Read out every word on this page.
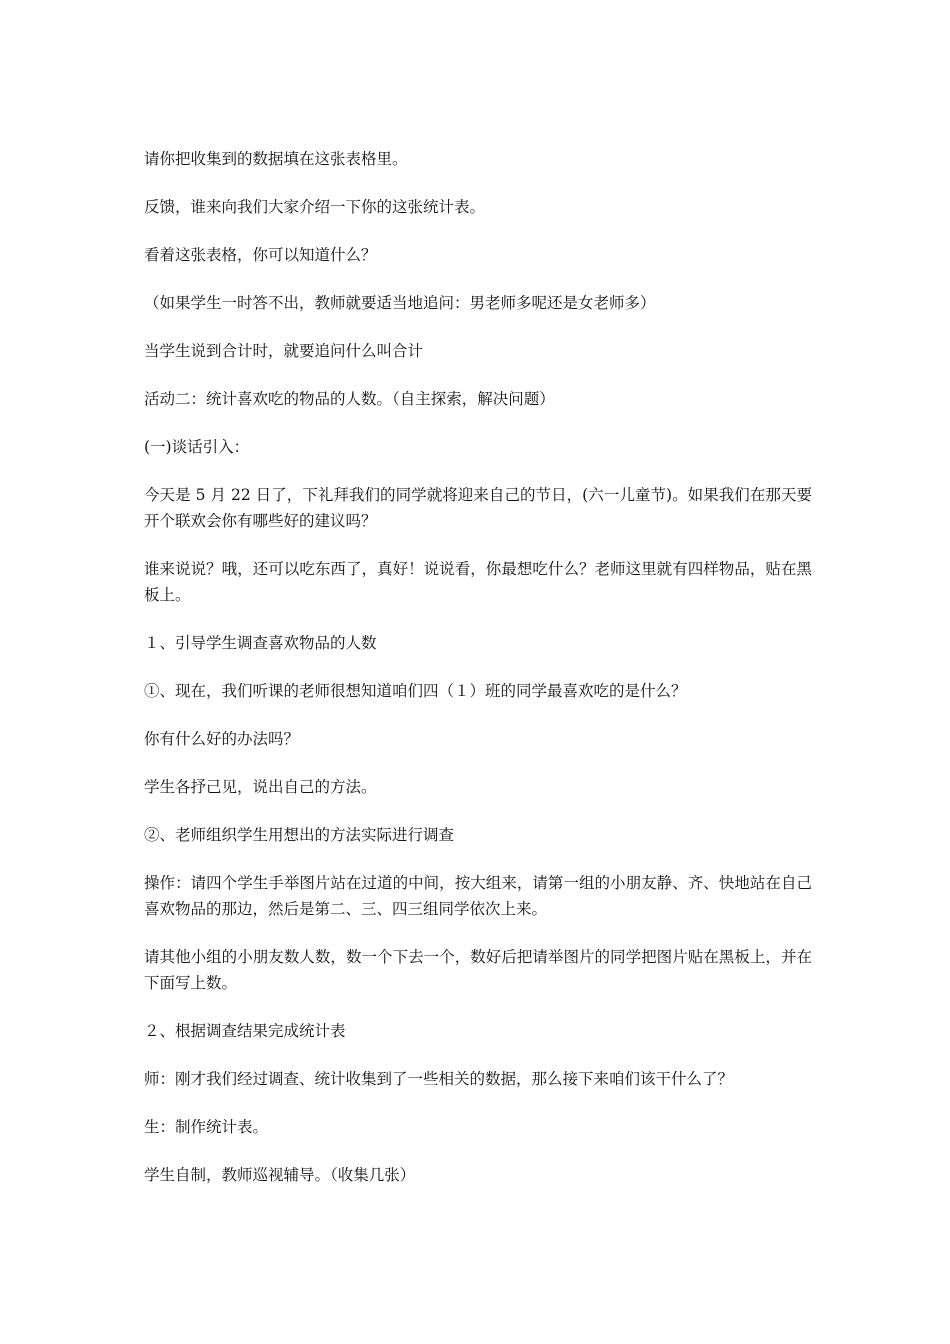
请你把收集到的数据填在这张表格里。

反馈，谁来向我们大家介绍一下你的这张统计表。

看着这张表格，你可以知道什么？

（如果学生一时答不出，教师就要适当地追问：男老师多呢还是女老师多）

当学生说到合计时，就要追问什么叫合计

活动二：统计喜欢吃的物品的人数。（自主探索，解决问题）

(一)谈话引入：

今天是 5 月 22 日了，下礼拜我们的同学就将迎来自己的节日，(六一儿童节)。如果我们在那天要开个联欢会你有哪些好的建议吗？

谁来说说？哦，还可以吃东西了，真好！说说看，你最想吃什么？老师这里就有四样物品，贴在黑板上。

１、引导学生调查喜欢物品的人数

①、现在，我们听课的老师很想知道咱们四（１）班的同学最喜欢吃的是什么？

你有什么好的办法吗？

学生各抒己见，说出自己的方法。

②、老师组织学生用想出的方法实际进行调查

操作：请四个学生手举图片站在过道的中间，按大组来，请第一组的小朋友静、齐、快地站在自己喜欢物品的那边，然后是第二、三、四三组同学依次上来。

请其他小组的小朋友数人数，数一个下去一个，数好后把请举图片的同学把图片贴在黑板上，并在下面写上数。

２、根据调查结果完成统计表

师：刚才我们经过调查、统计收集到了一些相关的数据，那么接下来咱们该干什么了？

生：制作统计表。

学生自制，教师巡视辅导。（收集几张）
